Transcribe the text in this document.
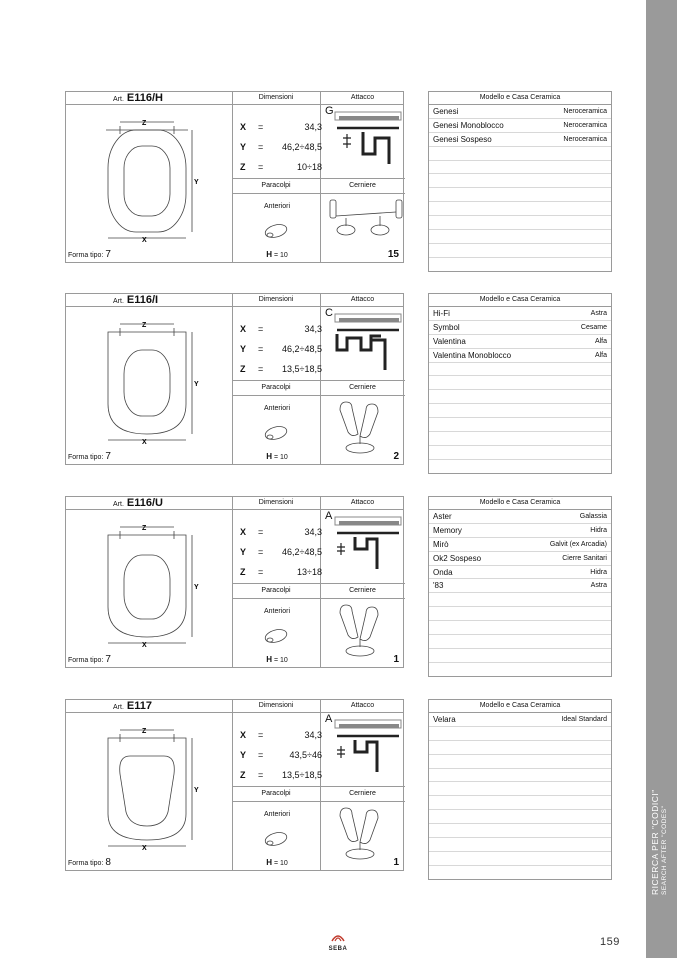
Art. E116/H	Dimensioni	Attacco
Z
X
Y
X =	34,3
Y = 46,2÷48,5
Z =	10÷18
G
Paracolpi	Cerniere
Anteriori
H = 10	15
Forma tipo: 7
Modello e Casa Ceramica
Genesi	Neroceramica
Genesi Monoblocco	Neroceramica
Genesi Sospeso	Neroceramica
Art. E116/I	Dimensioni	Attacco
Z
X
Y
X =	34,3
Y = 46,2÷48,5
Z = 13,5÷18,5
C
Paracolpi	Cerniere
Anteriori
H = 10	2
Forma tipo: 7
Modello e Casa Ceramica
Hi-Fi	Astra
Symbol	Cesame
Valentina	Alfa
Valentina Monoblocco	Alfa
Art. E116/U	Dimensioni	Attacco
Z
X
Y
X =	34,3
Y = 46,2÷48,5
Z =	13÷18
A
Paracolpi	Cerniere
Anteriori
H = 10	1
Forma tipo: 7
Modello e Casa Ceramica
Aster	Galassia
Memory	Hidra
Mirò	Galvit (ex Arcadia)
Ok2 Sospeso	Cierre Sanitari
Onda	Hidra
'83	Astra
Art. E117	Dimensioni	Attacco
Z
X
Y
X =	34,3
Y =	43,5÷46
Z = 13,5÷18,5
A
Paracolpi	Cerniere
Anteriori
H = 10	1
Forma tipo: 8
Modello e Casa Ceramica
Velara	Ideal Standard
SEBA
159
RICERCA PER "CODICI" SEARCH AFTER "CODES"
